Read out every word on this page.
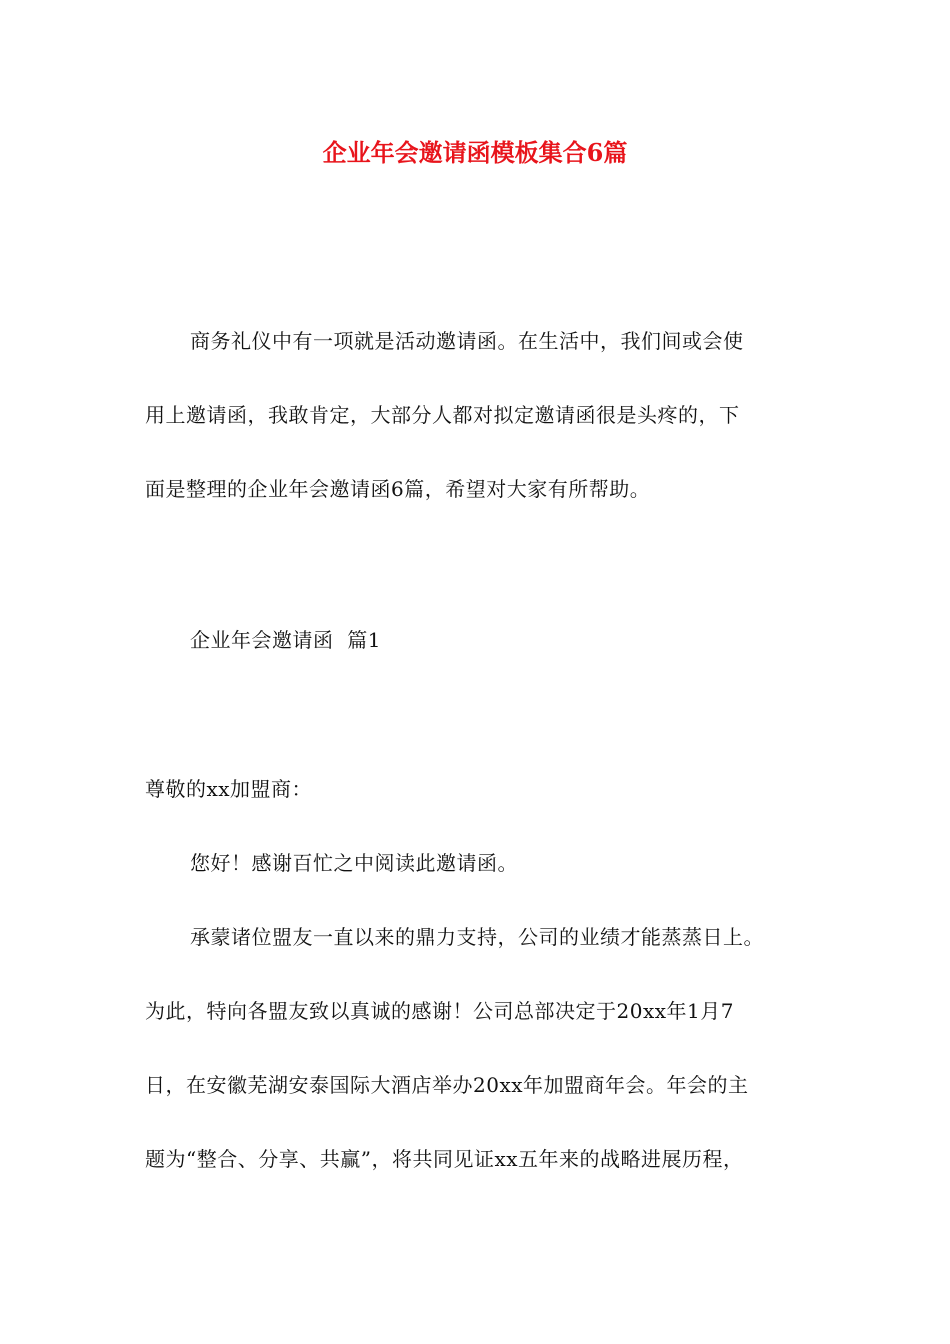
企业年会邀请函模板集合6篇
商务礼仪中有一项就是活动邀请函。在生活中，我们间或会使
用上邀请函，我敢肯定，大部分人都对拟定邀请函很是头疼的，下
面是整理的企业年会邀请函6篇，希望对大家有所帮助。
企业年会邀请函  篇1
尊敬的xx加盟商：
您好！感谢百忙之中阅读此邀请函。
承蒙诸位盟友一直以来的鼎力支持，公司的业绩才能蒸蒸日上。
为此，特向各盟友致以真诚的感谢！公司总部决定于20xx年1月7
日，在安徽芜湖安泰国际大酒店举办20xx年加盟商年会。年会的主
题为“整合、分享、共赢”，将共同见证xx五年来的战略进展历程，
